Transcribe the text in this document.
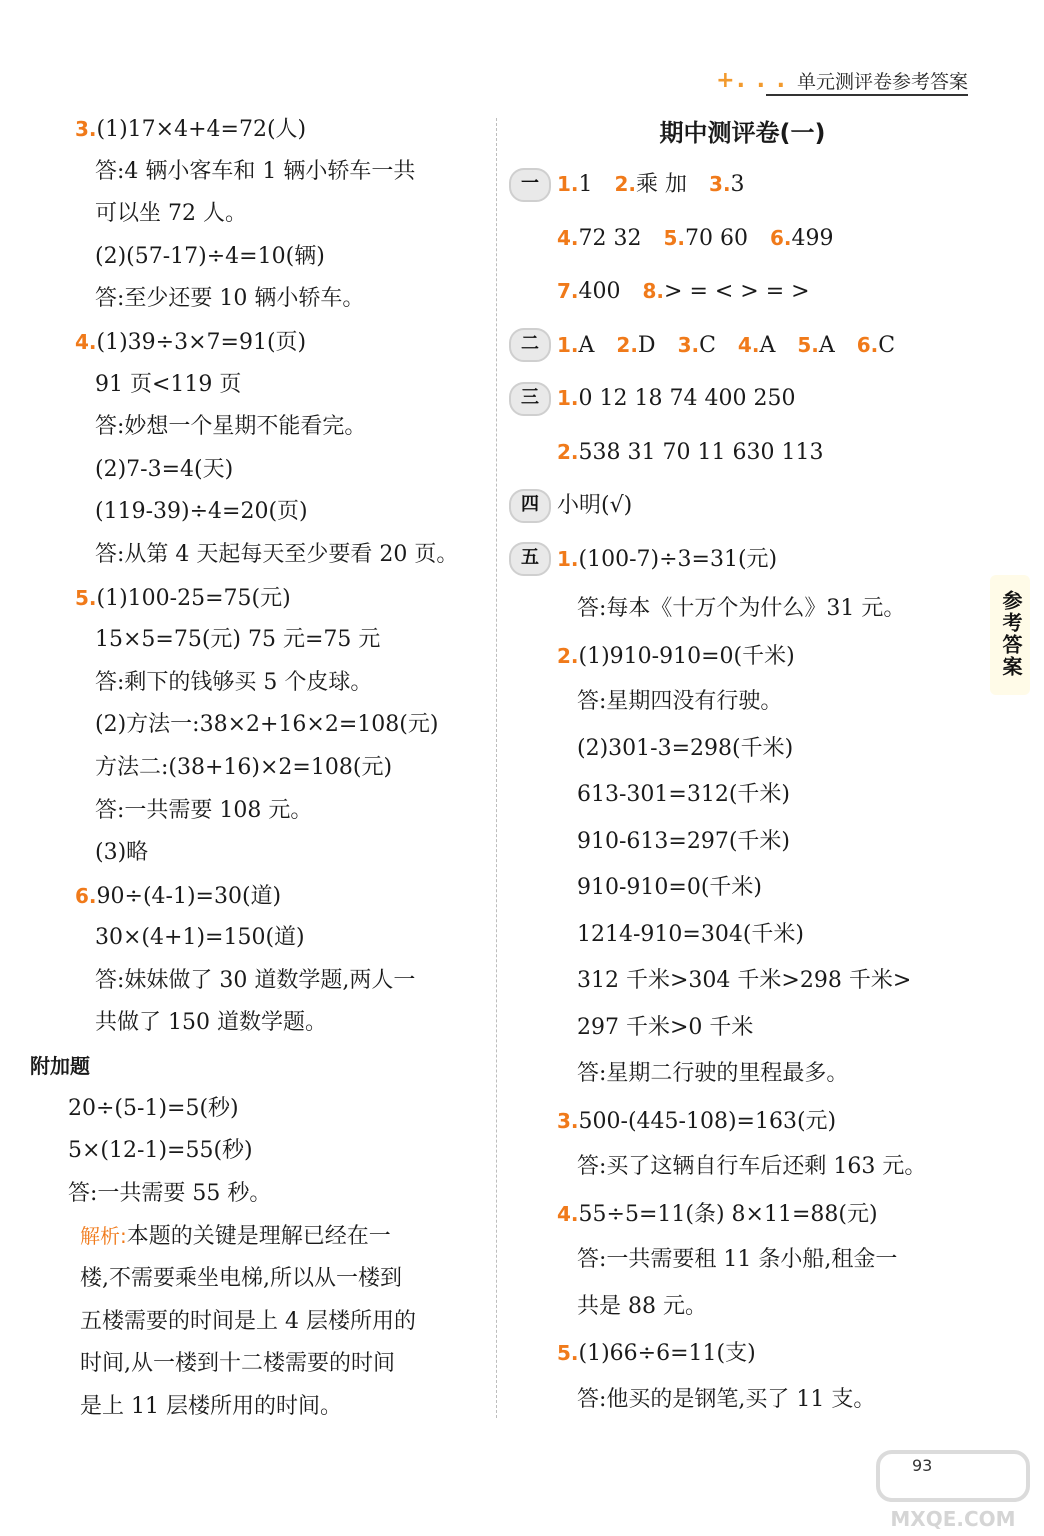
+. . . 单元测评卷参考答案
3.(1)17×4+4=72(人)
答:4 辆小客车和 1 辆小轿车一共
可以坐 72 人。
(2)(57-17)÷4=10(辆)
答:至少还要 10 辆小轿车。
4.(1)39÷3×7=91(页)
91 页<119 页
答:妙想一个星期不能看完。
(2)7-3=4(天)
(119-39)÷4=20(页)
答:从第 4 天起每天至少要看 20 页。
5.(1)100-25=75(元)
15×5=75(元) 75 元=75 元
答:剩下的钱够买 5 个皮球。
(2)方法一:38×2+16×2=108(元)
方法二:(38+16)×2=108(元)
答:一共需要 108 元。
(3)略
6.90÷(4-1)=30(道)
30×(4+1)=150(道)
答:妹妹做了 30 道数学题,两人一
共做了 150 道数学题。
附加题
20÷(5-1)=5(秒)
5×(12-1)=55(秒)
答:一共需要 55 秒。
解析:本题的关键是理解已经在一
楼,不需要乘坐电梯,所以从一楼到
五楼需要的时间是上 4 层楼所用的
时间,从一楼到十二楼需要的时间
是上 11 层楼所用的时间。
期中测评卷(一)
一 1.1 2.乘 加 3.3
4.72 32 5.70 60 6.499
7.400 8.> = < > = >
二 1.A 2.D 3.C 4.A 5.A 6.C
三 1.0 12 18 74 400 250
2.538 31 70 11 630 113
四 小明(√)
五 1.(100-7)÷3=31(元)
答:每本《十万个为什么》31 元。
2.(1)910-910=0(千米)
答:星期四没有行驶。
(2)301-3=298(千米)
613-301=312(千米)
910-613=297(千米)
910-910=0(千米)
1214-910=304(千米)
312 千米>304 千米>298 千米>
297 千米>0 千米
答:星期二行驶的里程最多。
3.500-(445-108)=163(元)
答:买了这辆自行车后还剩 163 元。
4.55÷5=11(条) 8×11=88(元)
答:一共需要租 11 条小船,租金一
共是 88 元。
5.(1)66÷6=11(支)
答:他买的是钢笔,买了 11 支。
参考答案
93
MXQE.COM
